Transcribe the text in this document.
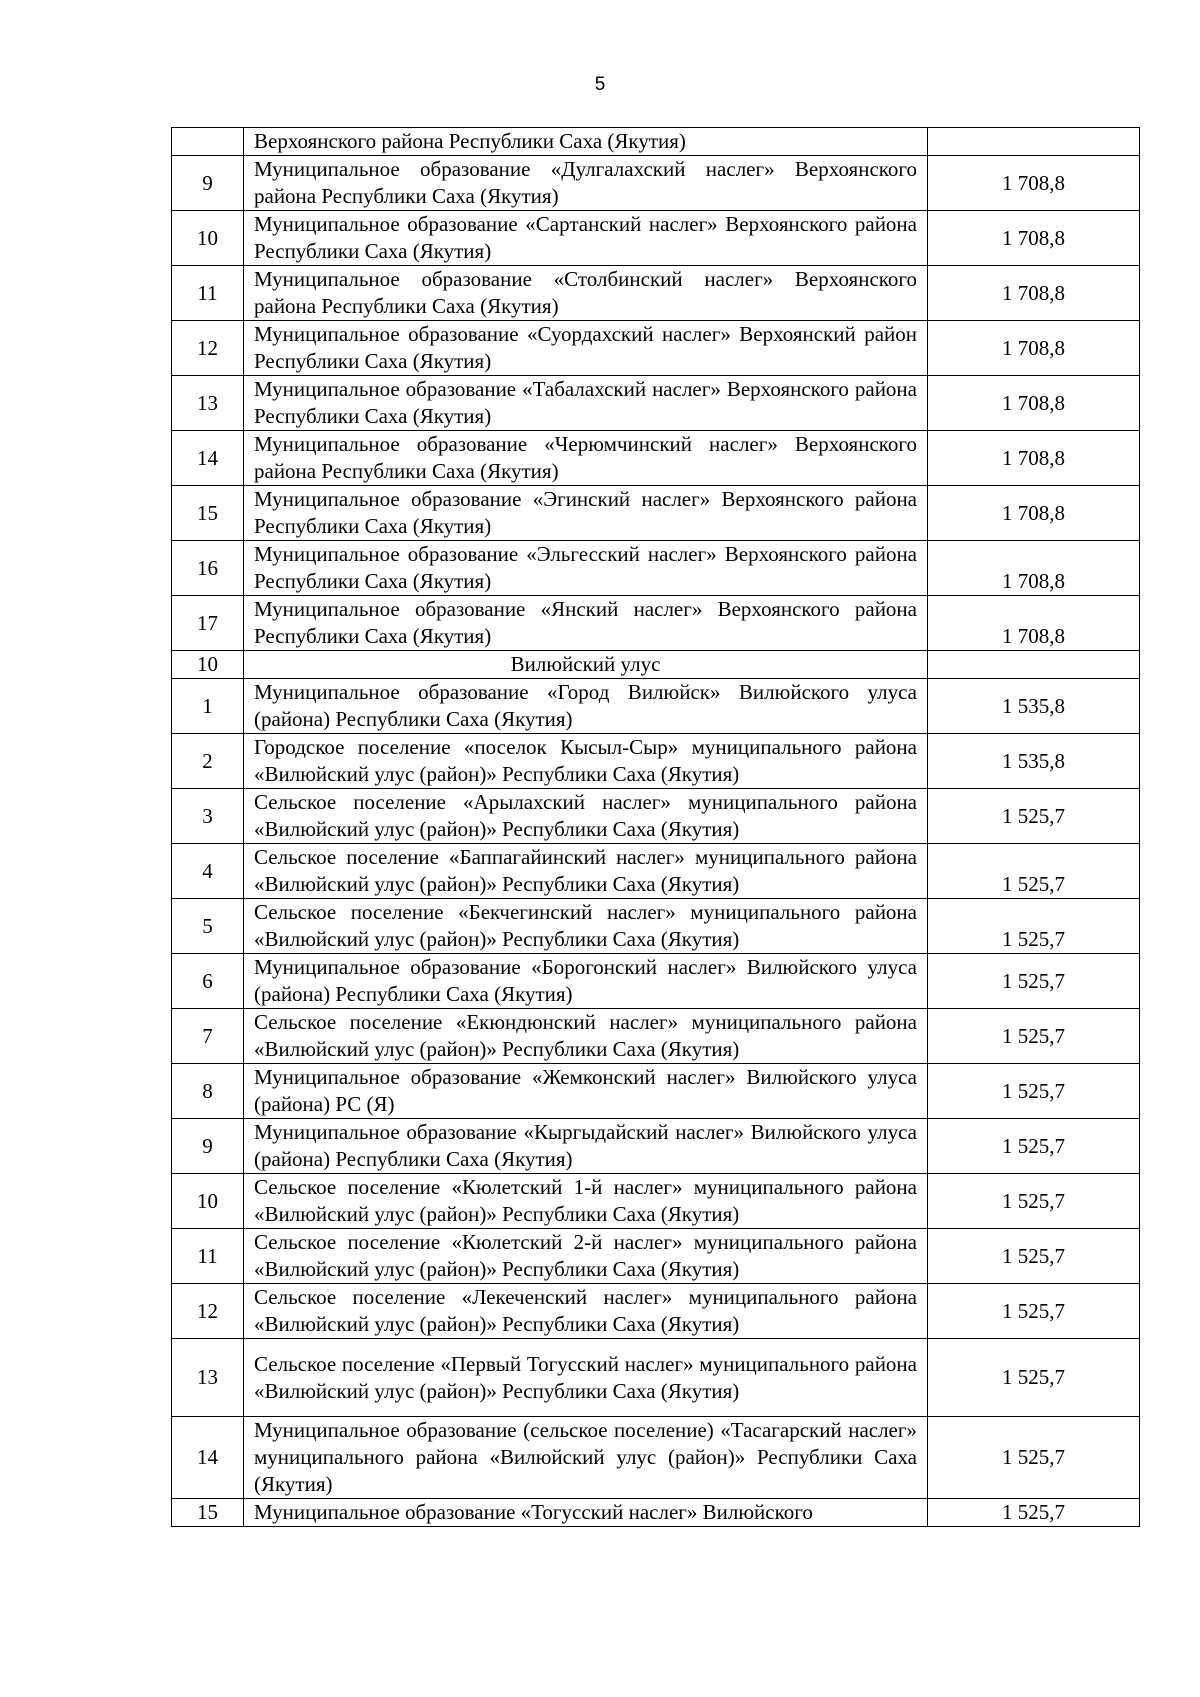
5
	Верхоянского района Республики Саха (Якутия)	
9	Муниципальное образование «Дулгалахский наслег» Верхоянского района Республики Саха (Якутия)	1 708,8
10	Муниципальное образование «Сартанский наслег» Верхоянского района Республики Саха (Якутия)	1 708,8
11	Муниципальное образование «Столбинский наслег» Верхоянского района Республики Саха (Якутия)	1 708,8
12	Муниципальное образование «Суордахский наслег» Верхоянский район Республики Саха (Якутия)	1 708,8
13	Муниципальное образование «Табалахский наслег» Верхоянского района Республики Саха (Якутия)	1 708,8
14	Муниципальное образование «Черюмчинский наслег» Верхоянского района Республики Саха (Якутия)	1 708,8
15	Муниципальное образование «Эгинский наслег» Верхоянского района Республики Саха (Якутия)	1 708,8
16	Муниципальное образование «Эльгесский наслег» Верхоянского района Республики Саха (Якутия)	1 708,8
17	Муниципальное образование «Янский наслег» Верхоянского района Республики Саха (Якутия)	1 708,8
10	Вилюйский улус	
1	Муниципальное образование «Город Вилюйск» Вилюйского улуса (района) Республики Саха (Якутия)	1 535,8
2	Городское поселение «поселок Кысыл-Сыр» муниципального района «Вилюйский улус (район)» Республики Саха (Якутия)	1 535,8
3	Сельское поселение «Арылахский наслег» муниципального района «Вилюйский улус (район)» Республики Саха (Якутия)	1 525,7
4	Сельское поселение «Баппагайинский наслег» муниципального района «Вилюйский улус (район)» Республики Саха (Якутия)	1 525,7
5	Сельское поселение «Бекчегинский наслег» муниципального района «Вилюйский улус (район)» Республики Саха (Якутия)	1 525,7
6	Муниципальное образование «Борогонский наслег» Вилюйского улуса (района) Республики Саха (Якутия)	1 525,7
7	Сельское поселение «Екюндюнский наслег» муниципального района «Вилюйский улус (район)» Республики Саха (Якутия)	1 525,7
8	Муниципальное образование «Жемконский наслег» Вилюйского улуса (района) РС (Я)	1 525,7
9	Муниципальное образование «Кыргыдайский наслег» Вилюйского улуса (района) Республики Саха (Якутия)	1 525,7
10	Сельское поселение «Кюлетский 1-й наслег» муниципального района «Вилюйский улус (район)» Республики Саха (Якутия)	1 525,7
11	Сельское поселение «Кюлетский 2-й наслег» муниципального района «Вилюйский улус (район)» Республики Саха (Якутия)	1 525,7
12	Сельское поселение «Лекеченский наслег» муниципального района «Вилюйский улус (район)» Республики Саха (Якутия)	1 525,7
13	Сельское поселение «Первый Тогусский наслег» муниципального района «Вилюйский улус (район)» Республики Саха (Якутия)	1 525,7
14	Муниципальное образование (сельское поселение) «Тасагарский наслег» муниципального района «Вилюйский улус (район)» Республики Саха (Якутия)	1 525,7
15	Муниципальное образование «Тогусский наслег» Вилюйского	1 525,7
